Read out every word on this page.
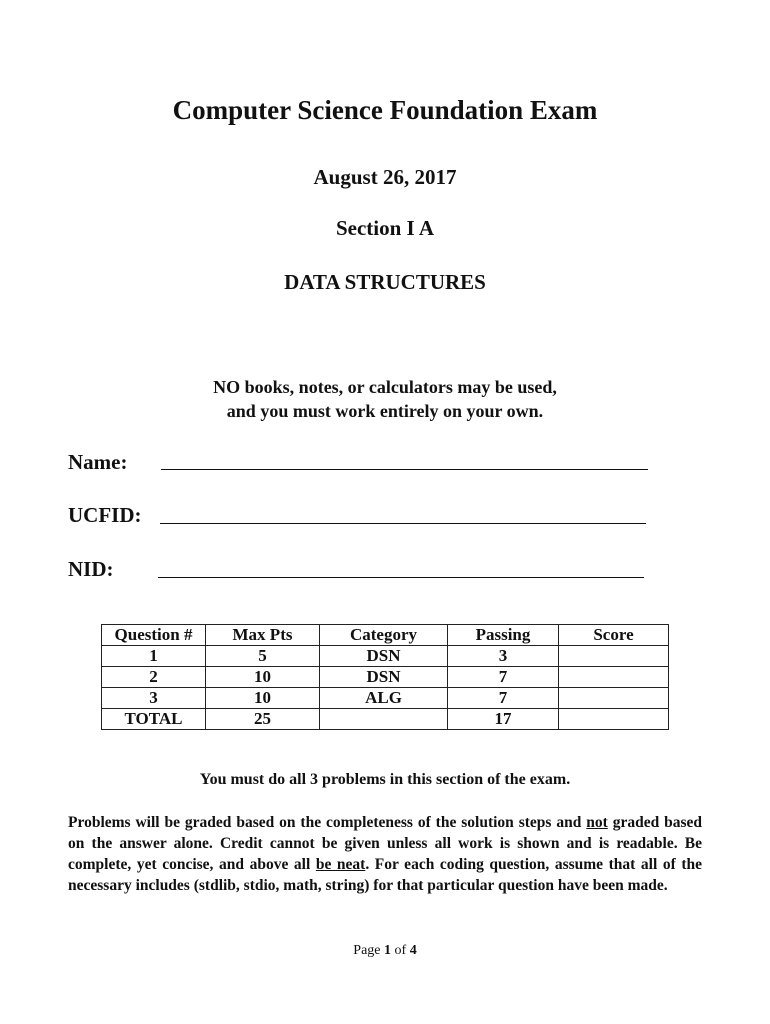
Computer Science Foundation Exam
August 26, 2017
Section I A
DATA STRUCTURES
NO books, notes, or calculators may be used,
and you must work entirely on your own.
Name:
UCFID:
NID:
Question #	Max Pts	Category	Passing	Score
1	5	DSN	3	
2	10	DSN	7	
3	10	ALG	7	
TOTAL	25		17	
You must do all 3 problems in this section of the exam.
Problems will be graded based on the completeness of the solution steps and not graded based on the answer alone. Credit cannot be given unless all work is shown and is readable. Be complete, yet concise, and above all be neat. For each coding question, assume that all of the necessary includes (stdlib, stdio, math, string) for that particular question have been made.
Page 1 of 4
